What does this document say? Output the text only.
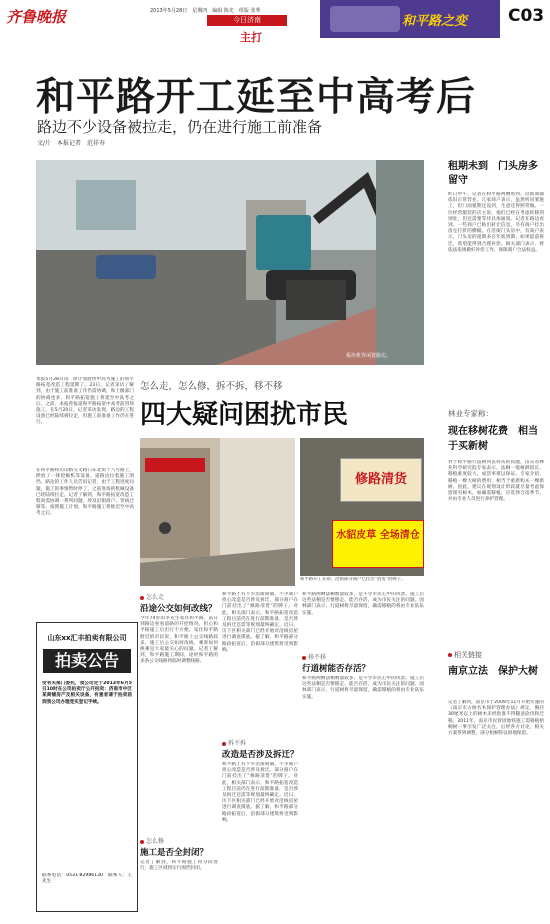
齐鲁晚报	2013年5月28日　星期四　编辑 陈光　组版 张秀
今日济南
主打
和平路之变 C03
和平路开工延至中高考后
路边不少设备被拉走，仍在进行施工前准备
文/片　本报记者　范祥寿
板块机等闲置路边。
本报5月28日讯　原计划趁快中高考施工的和平路拓宽改造工程延期了。23日，记者采访了解到，由于施工前准备工作仍需协调，和上级部门的协商也多，和平路拓宽施工将延至中高考之后。之前，本报曾报道和平路拓宽中高考前进场施工。在5月20日，记者采访发现，路边的工程设备已经陆续被拉走，但施工前准备工作仍在进行。
在和平路和历山路交叉路口东北角十八号路上，摆放了一排挖掘机等设备，道路边拉着施工围挡。路边的工作人员告诉记者，由于工程进度问题，施工的事情暂时停了，之前进场的机械设备已经陆续拉走。记者了解到，和平路拓宽改造工程尚需协调一系列问题，涉及沿街商户、管线迁移等。按照施工计划，和平路施工将推迟至中高考之后。
山东xx汇丰拍卖有限公司
拍卖公告
受有关部门委托，我公司定于2013年6月5日10时在公司拍卖厅公开拍卖：济南市中区某商铺房产及相关设备，有意者请于拍卖前到我公司办理竞买登记手续。
联系电话：0531-82986130　联系人：王先生
怎么走，怎么修，拆不拆，移不移
四大疑问困扰市民
修路清货
水貂皮草 全场清仓
和平路开工在即，沿街部分商户已挂出“清货”的牌子。
怎么走
沿途公交如何改线？
今年74岁的李先生家住和平路，前日到路边看看道路的开挖情况，担心和平路施工后出行不方便。家住和平路附近的市民说，和平路上公交线路较多，施工后公交如何改线、乘客如何换乘是大家最关心的问题。记者了解到，和平路施工期间，途经和平路的多条公交线路将临时调整线路。
怎么修
施工是否全封闭？
记者了解到，和平路施工将分段进行，施工区域将实行围挡封闭。
和平路上有不少沿街商铺，不少商户担心改造是否涉及拆迁。部分商户在门前挂出了“修路清货”的牌子。对此，相关部门表示，和平路拓宽改造工程目前仍在进行前期准备，是否涉及拆迁还需等规划最终确定。近日，历下区相关部门已经开始对沿线房屋进行调查摸底。据了解，和平路部分路段拓宽后，沿街部分建筑将受到影响。
拆不拆
改造是否涉及拆迁？
和平路上有不少沿街商铺，不少商户担心改造是否涉及拆迁。部分商户在门前挂出了“修路清货”的牌子。对此，相关部门表示，和平路拓宽改造工程目前仍在进行前期准备，是否涉及拆迁还需等规划最终确定。近日，历下区相关部门已经开始对沿线房屋进行调查摸底。据了解，和平路部分路段拓宽后，沿街部分建筑将受到影响。
和平路两侧法桐数量较多，是不少市民心中的风景。施工后这些法桐是否要移走、能否存活，成为市民关注的问题。园林部门表示，行道树将尽量保留，确需移植的将由专业队伍实施。
移不移
行道树能否存活？
和平路两侧法桐数量较多，是不少市民心中的风景。施工后这些法桐是否要移走、能否存活，成为市民关注的问题。园林部门表示，行道树将尽量保留，确需移植的将由专业队伍实施。
租期未到　门头房多留守
昨日中午，记者在和平路两侧看到，沿街商铺依旧正常营业。几家商户表示，虽然听说要施工，但门面租期还没到，生意还得照常做。一位经营服装的店主说，他们已经在考虑转移到别处，但还需要等待具体通知。记者在路边看到，一些商户已贴出转让信息，另有商户挂出清仓打折的横幅。在沿街门头房中，有商户表示，门头房的租期多在年底到期，如果提前拆迁，希望能得到合理补偿。相关部门表示，将依法依规做好补偿工作，保障商户合法权益。
林业专家称：
现在移树花费　相当于买新树
对于和平路行道树何去何从的问题，山东省林业科学研究院专家表示，法桐一般树龄较长，移植难度较大，成活率难以保证。专家介绍，移植一棵大树的费用，相当于重新购买一棵新树。因此，建议在规划设计阶段就尽量考虑保留现有树木，如确需移植，应选择合适季节，并由专业人员进行养护管理。
相关链接
南京立法　保护大树
记者了解到，南京市于2009年11月开始实施的《南京市古树名木保护管理办法》规定，胸径30厘米以上的树木未经批准不得随意砍伐和迁移。2011年，南京市民曾因地铁施工需移植梧桐树一事引发广泛关注，后经各方讨论，相关方案得到调整，部分梧桐得以原地保留。
